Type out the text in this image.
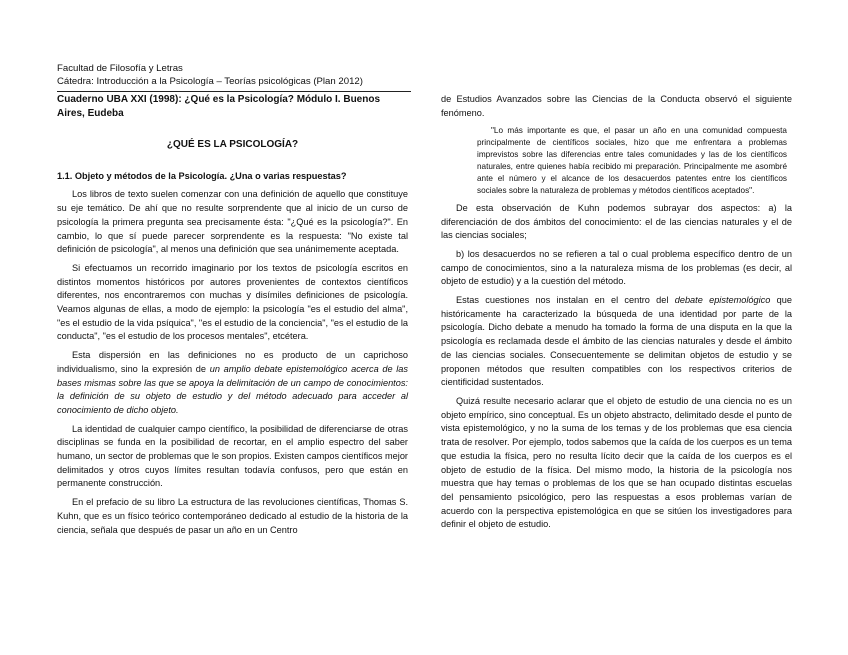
Facultad de Filosofía y Letras
Cátedra: Introducción a la Psicología – Teorías psicológicas (Plan 2012)

Cuaderno UBA XXI (1998): ¿Qué es la Psicología? Módulo I. Buenos Aires, Eudeba

¿QUÉ ES LA PSICOLOGÍA?

1.1. Objeto y métodos de la Psicología. ¿Una o varias respuestas?

Los libros de texto suelen comenzar con una definición de aquello que constituye su eje temático. De ahí que no resulte sorprendente que al inicio de un curso de psicología la primera pregunta sea precisamente ésta: "¿Qué es la psicología?". En cambio, lo que sí puede parecer sorprendente es la respuesta: "No existe tal definición de psicología", al menos una definición que sea unánimemente aceptada.

Si efectuamos un recorrido imaginario por los textos de psicología escritos en distintos momentos históricos por autores provenientes de contextos científicos diferentes, nos encontraremos con muchas y disímiles definiciones de psicología. Veamos algunas de ellas, a modo de ejemplo: la psicología "es el estudio del alma", "es el estudio de la vida psíquica", "es el estudio de la conciencia", "es el estudio de la conducta", "es el estudio de los procesos mentales", etcétera.

Esta dispersión en las definiciones no es producto de un caprichoso individualismo, sino la expresión de un amplio debate epistemológico acerca de las bases mismas sobre las que se apoya la delimitación de un campo de conocimientos: la definición de su objeto de estudio y del método adecuado para acceder al conocimiento de dicho objeto.

La identidad de cualquier campo científico, la posibilidad de diferenciarse de otras disciplinas se funda en la posibilidad de recortar, en el amplio espectro del saber humano, un sector de problemas que le son propios. Existen campos científicos mejor delimitados y otros cuyos límites resultan todavía confusos, pero que están en permanente construcción.

En el prefacio de su libro La estructura de las revoluciones científicas, Thomas S. Kuhn, que es un físico teórico contemporáneo dedicado al estudio de la historia de la ciencia, señala que después de pasar un año en un Centro

de Estudios Avanzados sobre las Ciencias de la Conducta observó el siguiente fenómeno.

"Lo más importante es que, el pasar un año en una comunidad compuesta principalmente de científicos sociales, hizo que me enfrentara a problemas imprevistos sobre las diferencias entre tales comunidades y las de los científicos naturales, entre quienes había recibido mi preparación. Principalmente me asombré ante el número y el alcance de los desacuerdos patentes entre los científicos sociales sobre la naturaleza de problemas y métodos científicos aceptados".

De esta observación de Kuhn podemos subrayar dos aspectos: a) la diferenciación de dos ámbitos del conocimiento: el de las ciencias naturales y el de las ciencias sociales;

b) los desacuerdos no se refieren a tal o cual problema específico dentro de un campo de conocimientos, sino a la naturaleza misma de los problemas (es decir, al objeto de estudio) y a la cuestión del método.

Estas cuestiones nos instalan en el centro del debate epistemológico que históricamente ha caracterizado la búsqueda de una identidad por parte de la psicología. Dicho debate a menudo ha tomado la forma de una disputa en la que la psicología es reclamada desde el ámbito de las ciencias naturales y desde el ámbito de las ciencias sociales. Consecuentemente se delimitan objetos de estudio y se proponen métodos que resulten compatibles con los respectivos criterios de cientificidad sustentados.

Quizá resulte necesario aclarar que el objeto de estudio de una ciencia no es un objeto empírico, sino conceptual. Es un objeto abstracto, delimitado desde el punto de vista epistemológico, y no la suma de los temas y de los problemas que esa ciencia trata de resolver. Por ejemplo, todos sabemos que la caída de los cuerpos es un tema que estudia la física, pero no resulta lícito decir que la caída de los cuerpos es el objeto de estudio de la física. Del mismo modo, la historia de la psicología nos muestra que hay temas o problemas de los que se han ocupado distintas escuelas del pensamiento psicológico, pero las respuestas a esos problemas varían de acuerdo con la perspectiva epistemológica en que se sitúen los investigadores para definir el objeto de estudio.
